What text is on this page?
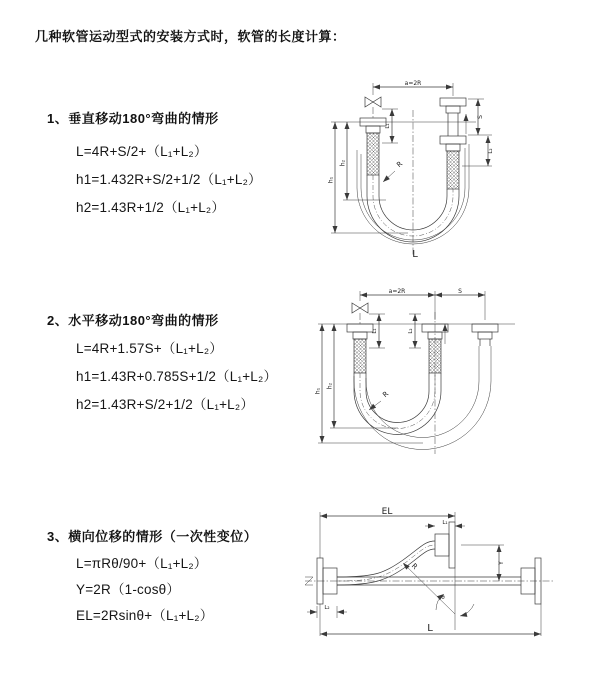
几种软管运动型式的安装方式时，软管的长度计算：
1、垂直移动180°弯曲的情形
L=4R+S/2+（L₁+L₂）
h1=1.432R+S/2+1/2（L₁+L₂）
h2=1.43R+1/2（L₁+L₂）
a=2R
L₁
S
L₂
h₁
h₂	R
L
2、水平移动180°弯曲的情形
L=4R+1.57S+（L₁+L₂）
h1=1.43R+0.785S+1/2（L₁+L₂）
h2=1.43R+S/2+1/2（L₁+L₂）
a=2R	S
L₁	L₂
h₁
h₂
R
3、横向位移的情形（一次性变位）
L=πRθ/90+（L₁+L₂）
Y=2R（1-cosθ）
EL=2Rsinθ+（L₁+L₂）
EL
L₁
Y
R
θ
L
L₂
